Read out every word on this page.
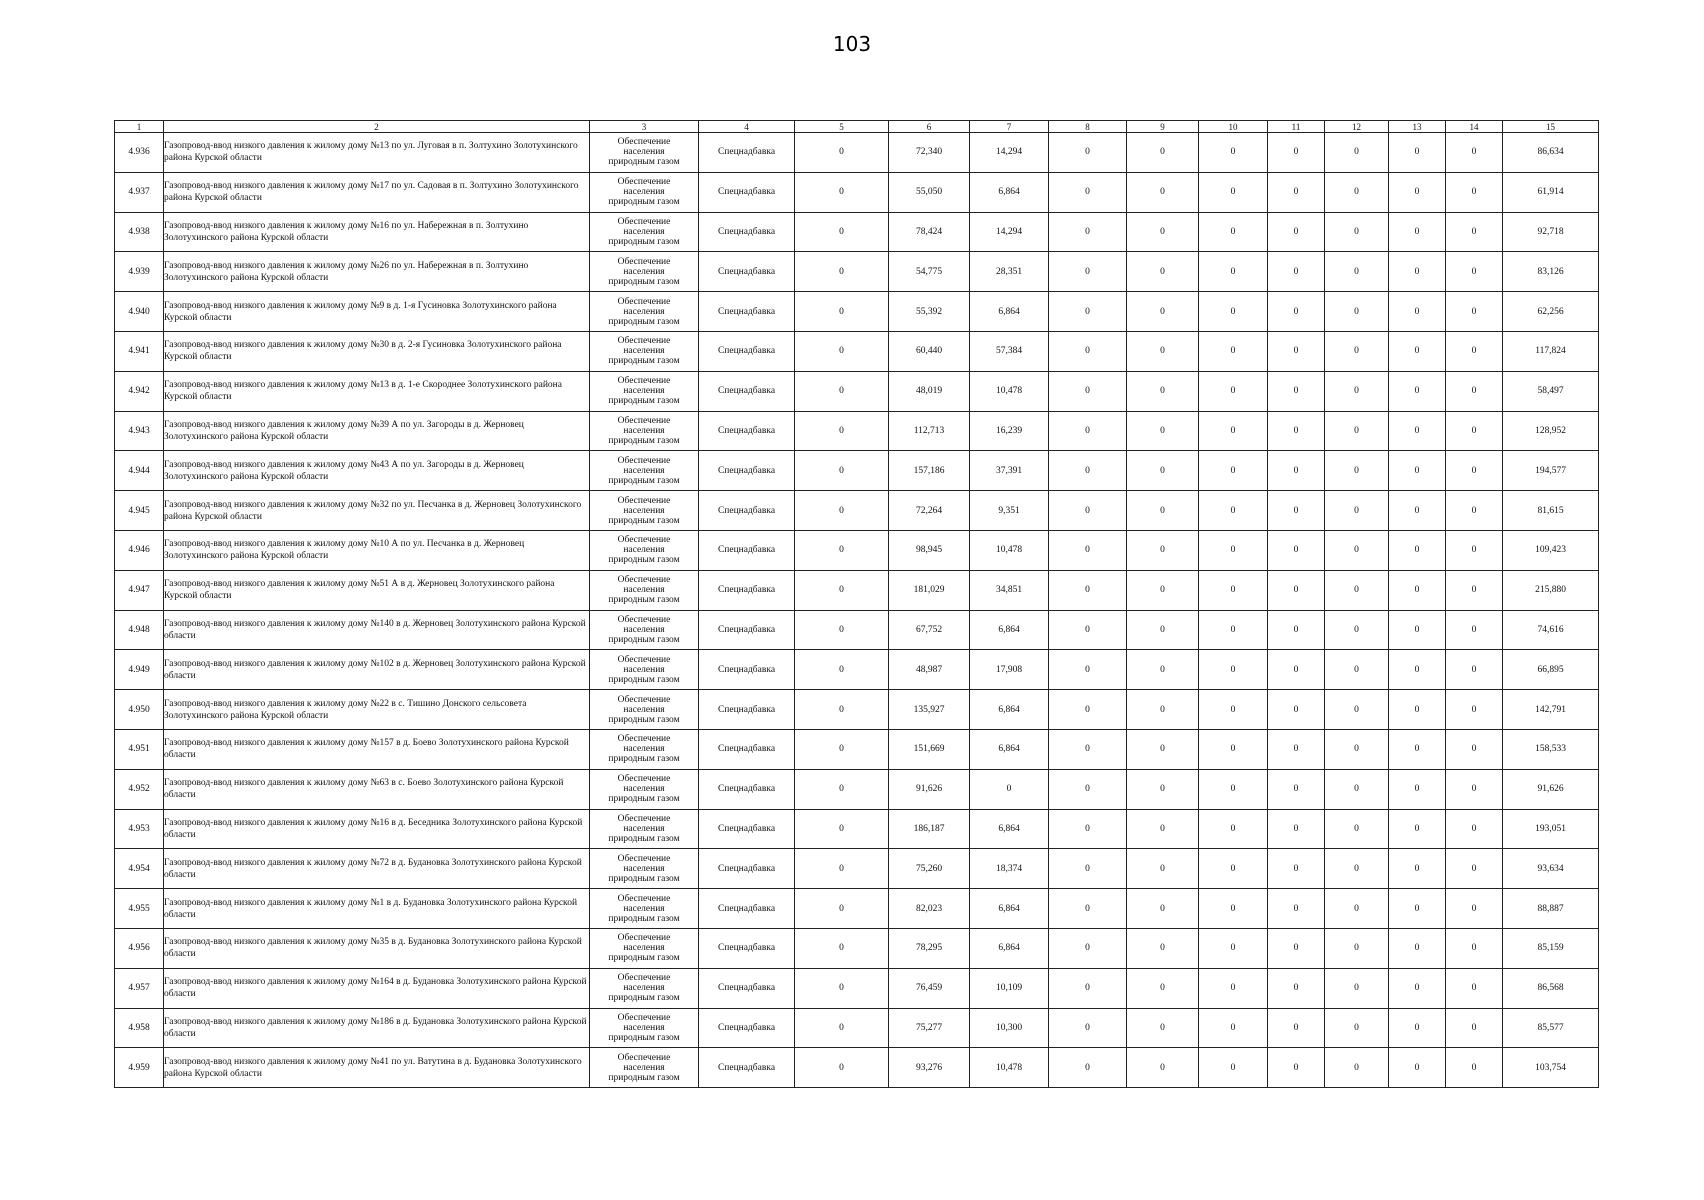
103
1	2	3	4	5	6	7	8	9	10	11	12	13	14	15
4.936	Газопровод-ввод низкого давления к жилому дому №13 по ул. Луговая в п. Золтухино Золотухинского района Курской области	Обеспечение
населения
природным газом	Спецнадбавка	0	72,340	14,294	0	0	0	0	0	0	0	86,634
4.937	Газопровод-ввод низкого давления к жилому дому №17 по ул. Садовая в п. Золтухино Золотухинского района Курской области	Обеспечение
населения
природным газом	Спецнадбавка	0	55,050	6,864	0	0	0	0	0	0	0	61,914
4.938	Газопровод-ввод низкого давления к жилому дому №16 по ул. Набережная в п. Золтухино Золотухинского района Курской области	Обеспечение
населения
природным газом	Спецнадбавка	0	78,424	14,294	0	0	0	0	0	0	0	92,718
4.939	Газопровод-ввод низкого давления к жилому дому №26 по ул. Набережная в п. Золтухино Золотухинского района Курской области	Обеспечение
населения
природным газом	Спецнадбавка	0	54,775	28,351	0	0	0	0	0	0	0	83,126
4.940	Газопровод-ввод низкого давления к жилому дому №9 в д. 1-я Гусиновка Золотухинского района Курской области	Обеспечение
населения
природным газом	Спецнадбавка	0	55,392	6,864	0	0	0	0	0	0	0	62,256
4.941	Газопровод-ввод низкого давления к жилому дому №30 в д. 2-я Гусиновка Золотухинского района Курской области	Обеспечение
населения
природным газом	Спецнадбавка	0	60,440	57,384	0	0	0	0	0	0	0	117,824
4.942	Газопровод-ввод низкого давления к жилому дому №13 в д. 1-е Скороднее Золотухинского района Курской области	Обеспечение
населения
природным газом	Спецнадбавка	0	48,019	10,478	0	0	0	0	0	0	0	58,497
4.943	Газопровод-ввод низкого давления к жилому дому №39 А по ул. Загороды в д. Жерновец Золотухинского района Курской области	Обеспечение
населения
природным газом	Спецнадбавка	0	112,713	16,239	0	0	0	0	0	0	0	128,952
4.944	Газопровод-ввод низкого давления к жилому дому №43 А по ул. Загороды в д. Жерновец Золотухинского района Курской области	Обеспечение
населения
природным газом	Спецнадбавка	0	157,186	37,391	0	0	0	0	0	0	0	194,577
4.945	Газопровод-ввод низкого давления к жилому дому №32 по ул. Песчанка в д. Жерновец Золотухинского района Курской области	Обеспечение
населения
природным газом	Спецнадбавка	0	72,264	9,351	0	0	0	0	0	0	0	81,615
4.946	Газопровод-ввод низкого давления к жилому дому №10 А по ул. Песчанка в д. Жерновец Золотухинского района Курской области	Обеспечение
населения
природным газом	Спецнадбавка	0	98,945	10,478	0	0	0	0	0	0	0	109,423
4.947	Газопровод-ввод низкого давления к жилому дому №51 А в д. Жерновец Золотухинского района Курской области	Обеспечение
населения
природным газом	Спецнадбавка	0	181,029	34,851	0	0	0	0	0	0	0	215,880
4.948	Газопровод-ввод низкого давления к жилому дому №140 в д. Жерновец Золотухинского района Курской области	Обеспечение
населения
природным газом	Спецнадбавка	0	67,752	6,864	0	0	0	0	0	0	0	74,616
4.949	Газопровод-ввод низкого давления к жилому дому №102 в д. Жерновец Золотухинского района Курской области	Обеспечение
населения
природным газом	Спецнадбавка	0	48,987	17,908	0	0	0	0	0	0	0	66,895
4.950	Газопровод-ввод низкого давления к жилому дому №22 в с. Тишино Донского сельсовета Золотухинского района Курской области	Обеспечение
населения
природным газом	Спецнадбавка	0	135,927	6,864	0	0	0	0	0	0	0	142,791
4.951	Газопровод-ввод низкого давления к жилому дому №157 в д. Боево Золотухинского района Курской области	Обеспечение
населения
природным газом	Спецнадбавка	0	151,669	6,864	0	0	0	0	0	0	0	158,533
4.952	Газопровод-ввод низкого давления к жилому дому №63 в с. Боево Золотухинского района Курской области	Обеспечение
населения
природным газом	Спецнадбавка	0	91,626	0	0	0	0	0	0	0	0	91,626
4.953	Газопровод-ввод низкого давления к жилому дому №16 в д. Беседника Золотухинского района Курской области	Обеспечение
населения
природным газом	Спецнадбавка	0	186,187	6,864	0	0	0	0	0	0	0	193,051
4.954	Газопровод-ввод низкого давления к жилому дому №72 в д. Будановка Золотухинского района Курской области	Обеспечение
населения
природным газом	Спецнадбавка	0	75,260	18,374	0	0	0	0	0	0	0	93,634
4.955	Газопровод-ввод низкого давления к жилому дому №1 в д. Будановка Золотухинского района Курской области	Обеспечение
населения
природным газом	Спецнадбавка	0	82,023	6,864	0	0	0	0	0	0	0	88,887
4.956	Газопровод-ввод низкого давления к жилому дому №35 в д. Будановка Золотухинского района Курской области	Обеспечение
населения
природным газом	Спецнадбавка	0	78,295	6,864	0	0	0	0	0	0	0	85,159
4.957	Газопровод-ввод низкого давления к жилому дому №164 в д. Будановка Золотухинского района Курской области	Обеспечение
населения
природным газом	Спецнадбавка	0	76,459	10,109	0	0	0	0	0	0	0	86,568
4.958	Газопровод-ввод низкого давления к жилому дому №186 в д. Будановка Золотухинского района Курской области	Обеспечение
населения
природным газом	Спецнадбавка	0	75,277	10,300	0	0	0	0	0	0	0	85,577
4.959	Газопровод-ввод низкого давления к жилому дому №41 по ул. Ватутина в д. Будановка Золотухинского района Курской области	Обеспечение
населения
природным газом	Спецнадбавка	0	93,276	10,478	0	0	0	0	0	0	0	103,754
